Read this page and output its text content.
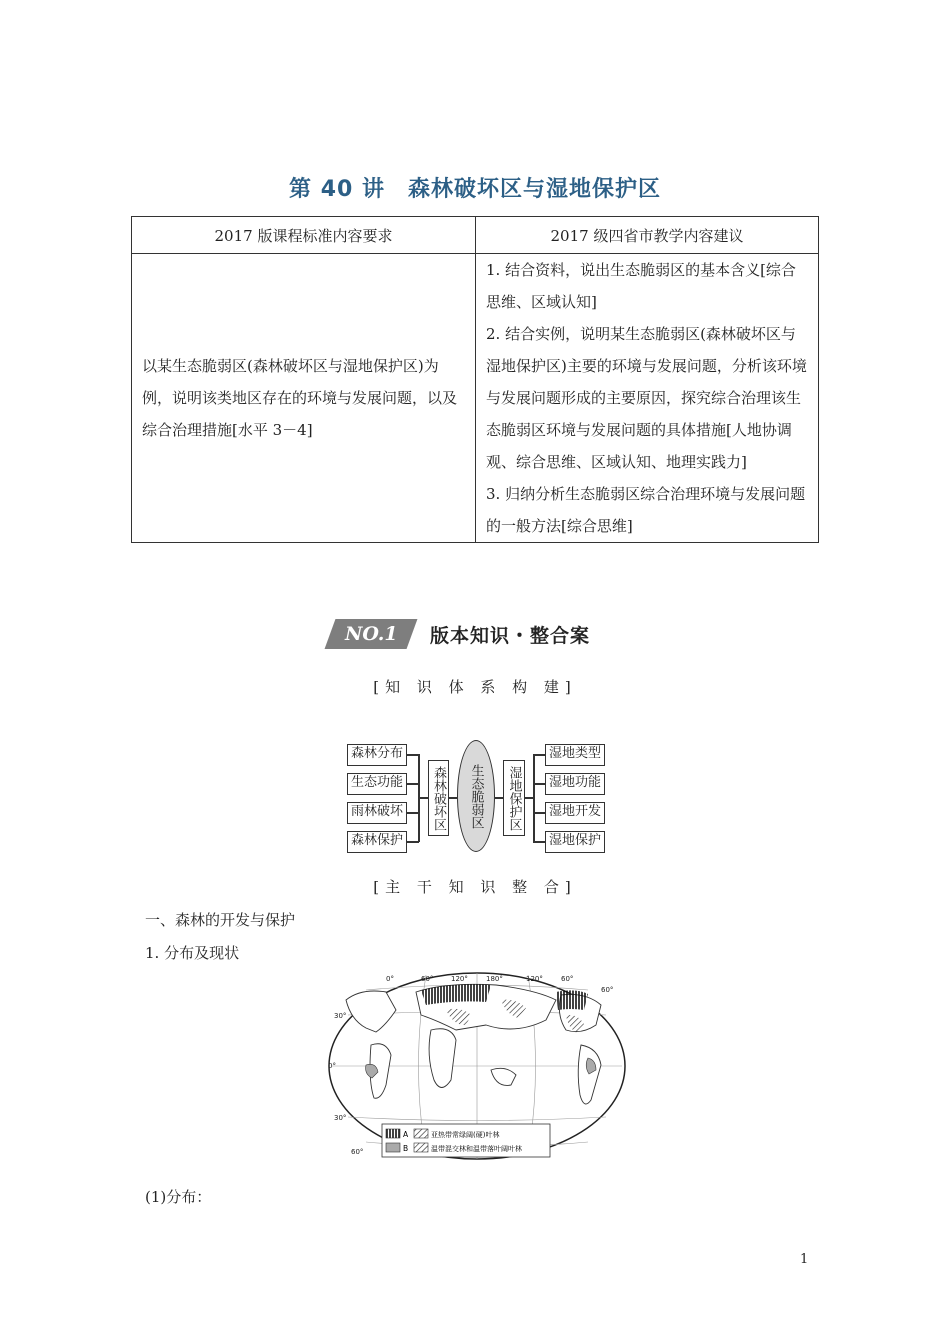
第 40 讲　森林破坏区与湿地保护区
2017 版课程标准内容要求	2017 级四省市教学内容建议
以某生态脆弱区(森林破坏区与湿地保护区)为例，说明该类地区存在的环境与发展问题，以及综合治理措施[水平 3－4]	1. 结合资料，说出生态脆弱区的基本含义[综合思维、区域认知]
2. 结合实例，说明某生态脆弱区(森林破坏区与湿地保护区)主要的环境与发展问题，分析该环境与发展问题形成的主要原因，探究综合治理该生态脆弱区环境与发展问题的具体措施[人地协调观、综合思维、区域认知、地理实践力]
3. 归纳分析生态脆弱区综合治理环境与发展问题的一般方法[综合思维]
NO.1 版本知识・整合案
[知 识 体 系 构 建]
森林分布
生态功能
雨林破坏
森林保护
森林破坏区	生态脆弱区	湿地保护区
湿地类型
湿地功能
湿地开发
湿地保护
[主 干 知 识 整 合]
一、森林的开发与保护
1. 分布及现状
0°	60°	120°	180°	120°	60°
30°
0°
30°
60°
60°
A	亚热带常绿阔(硬)叶林
B	温带混交林和温带落叶阔叶林
(1)分布：
1
